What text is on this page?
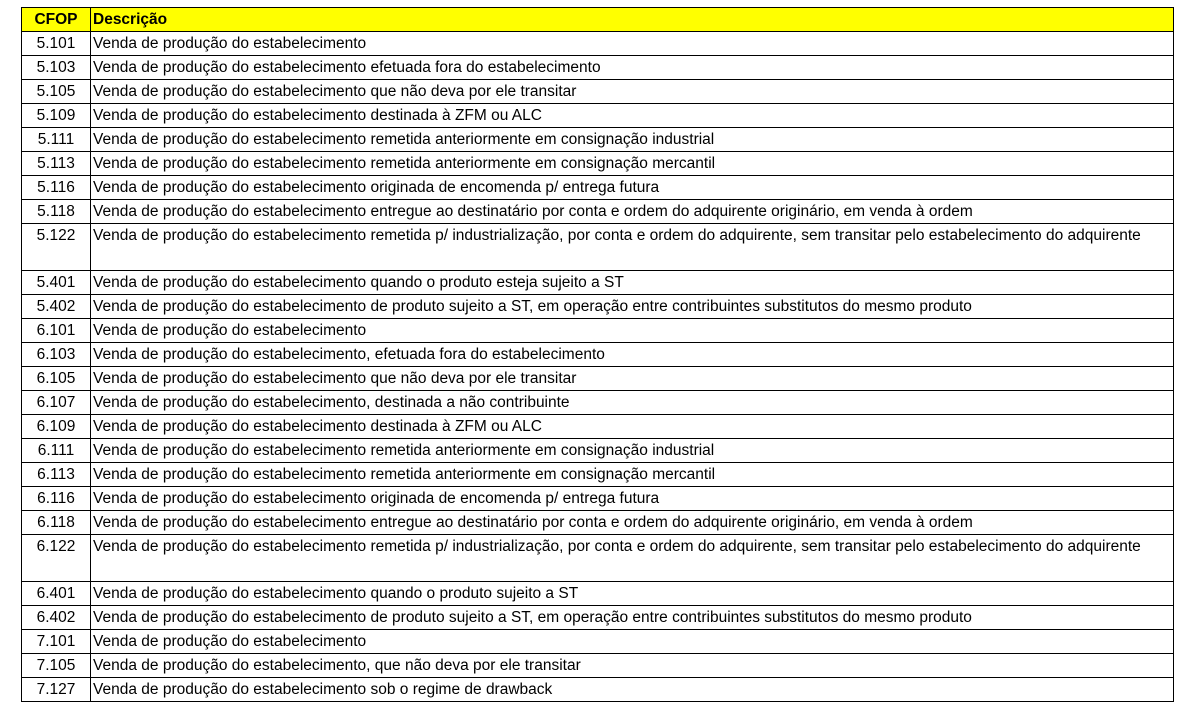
CFOP	Descrição
5.101	Venda de produção do estabelecimento
5.103	Venda de produção do estabelecimento efetuada fora do estabelecimento
5.105	Venda de produção do estabelecimento que não deva por ele transitar
5.109	Venda de produção do estabelecimento destinada à ZFM ou ALC
5.111	Venda de produção do estabelecimento remetida anteriormente em consignação industrial
5.113	Venda de produção do estabelecimento remetida anteriormente em consignação mercantil
5.116	Venda de produção do estabelecimento originada de encomenda p/ entrega futura
5.118	Venda de produção do estabelecimento entregue ao destinatário por conta e ordem do adquirente originário, em venda à ordem
5.122	Venda de produção do estabelecimento remetida p/ industrialização, por conta e ordem do adquirente, sem transitar pelo estabelecimento do adquirente
5.401	Venda de produção do estabelecimento quando o produto esteja sujeito a ST
5.402	Venda de produção do estabelecimento de produto sujeito a ST, em operação entre contribuintes substitutos do mesmo produto
6.101	Venda de produção do estabelecimento
6.103	Venda de produção do estabelecimento, efetuada fora do estabelecimento
6.105	Venda de produção do estabelecimento que não deva por ele transitar
6.107	Venda de produção do estabelecimento, destinada a não contribuinte
6.109	Venda de produção do estabelecimento destinada à ZFM ou ALC
6.111	Venda de produção do estabelecimento remetida anteriormente em consignação industrial
6.113	Venda de produção do estabelecimento remetida anteriormente em consignação mercantil
6.116	Venda de produção do estabelecimento originada de encomenda p/ entrega futura
6.118	Venda de produção do estabelecimento entregue ao destinatário por conta e ordem do adquirente originário, em venda à ordem
6.122	Venda de produção do estabelecimento remetida p/ industrialização, por conta e ordem do adquirente, sem transitar pelo estabelecimento do adquirente
6.401	Venda de produção do estabelecimento quando o produto sujeito a ST
6.402	Venda de produção do estabelecimento de produto sujeito a ST, em operação entre contribuintes substitutos do mesmo produto
7.101	Venda de produção do estabelecimento
7.105	Venda de produção do estabelecimento, que não deva por ele transitar
7.127	Venda de produção do estabelecimento sob o regime de drawback
